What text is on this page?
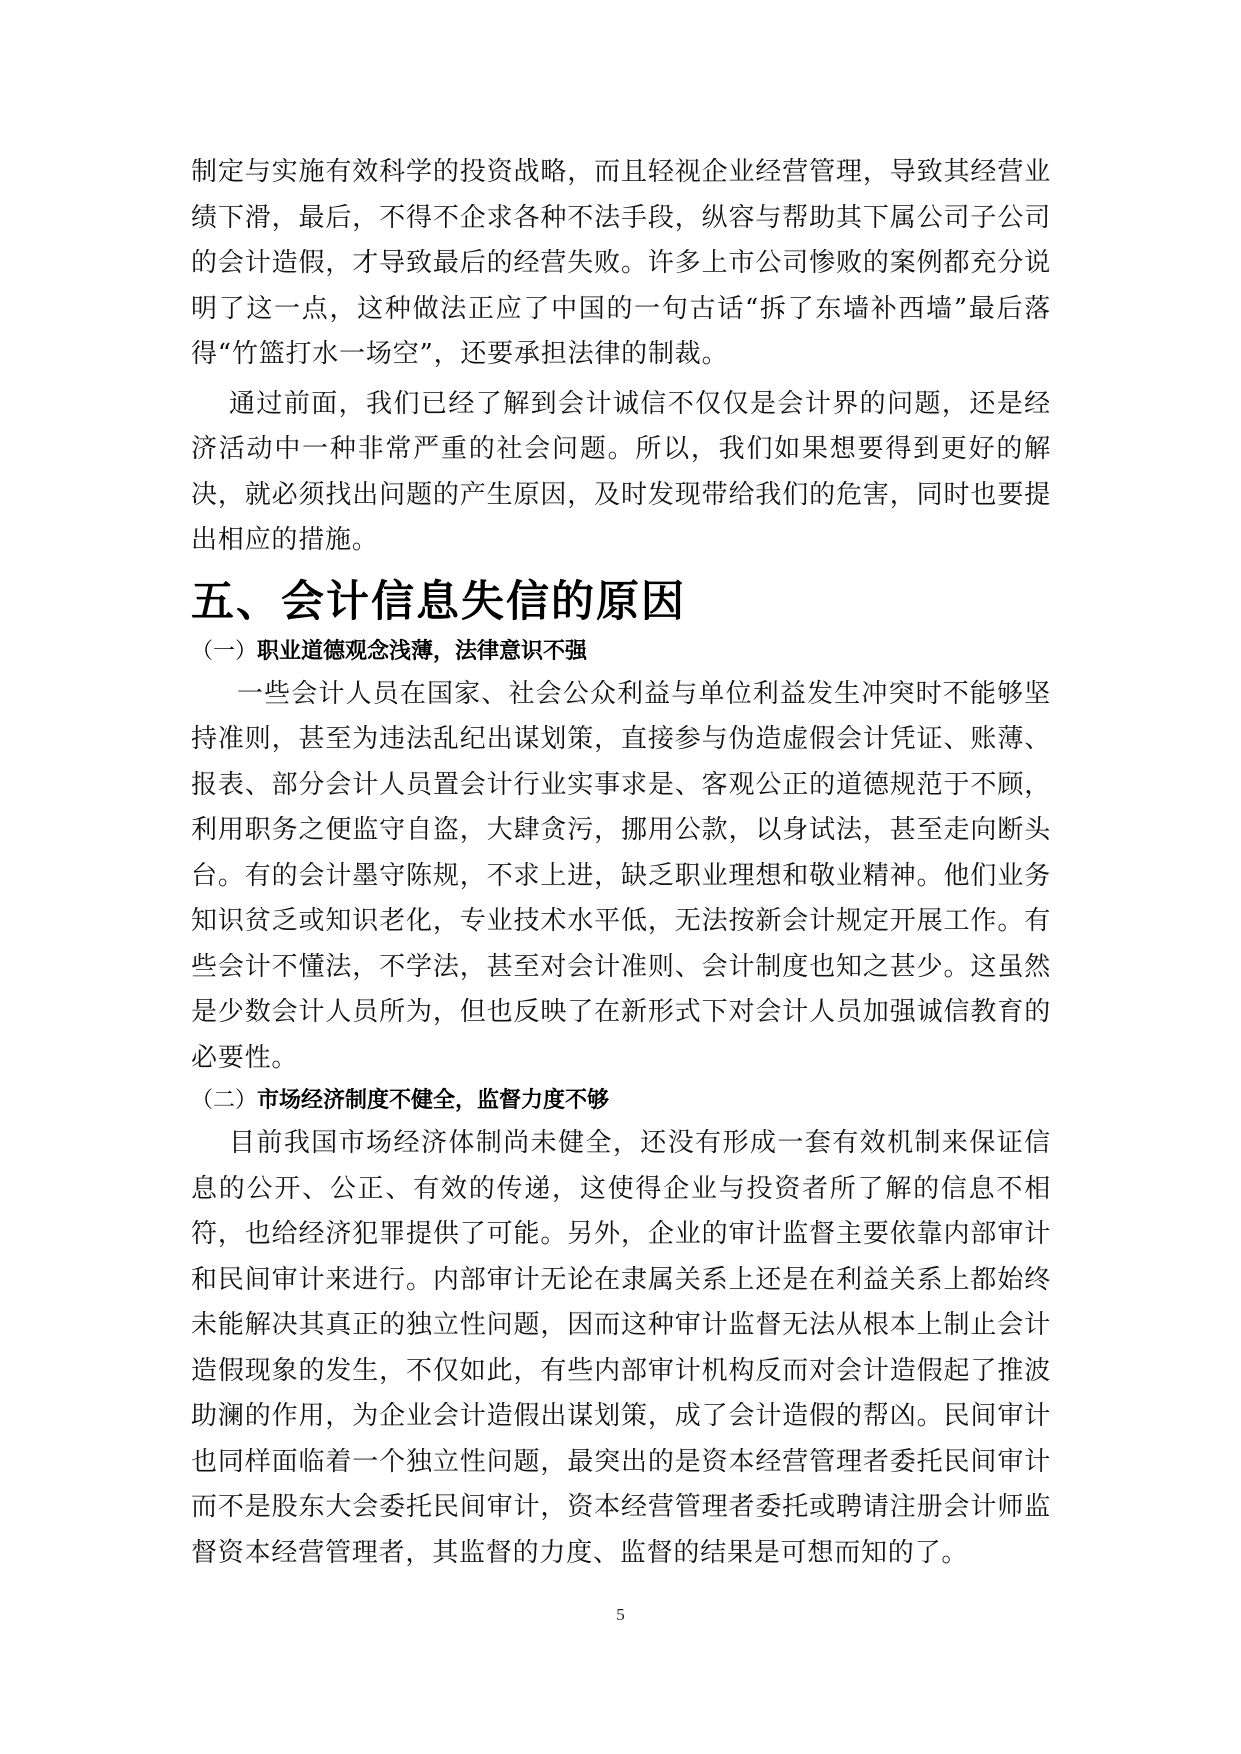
制定与实施有效科学的投资战略，而且轻视企业经营管理，导致其经营业绩下滑，最后，不得不企求各种不法手段，纵容与帮助其下属公司子公司的会计造假，才导致最后的经营失败。许多上市公司惨败的案例都充分说明了这一点，这种做法正应了中国的一句古话“拆了东墙补西墙”最后落得“竹篮打水一场空”，还要承担法律的制裁。

通过前面，我们已经了解到会计诚信不仅仅是会计界的问题，还是经济活动中一种非常严重的社会问题。所以，我们如果想要得到更好的解决，就必须找出问题的产生原因，及时发现带给我们的危害，同时也要提出相应的措施。

五、会计信息失信的原因
（一）职业道德观念浅薄，法律意识不强

一些会计人员在国家、社会公众利益与单位利益发生冲突时不能够坚持准则，甚至为违法乱纪出谋划策，直接参与伪造虚假会计凭证、账薄、报表、部分会计人员置会计行业实事求是、客观公正的道德规范于不顾，利用职务之便监守自盗，大肆贪污，挪用公款，以身试法，甚至走向断头台。有的会计墨守陈规，不求上进，缺乏职业理想和敬业精神。他们业务知识贫乏或知识老化，专业技术水平低，无法按新会计规定开展工作。有些会计不懂法，不学法，甚至对会计准则、会计制度也知之甚少。这虽然是少数会计人员所为，但也反映了在新形式下对会计人员加强诚信教育的必要性。

（二）市场经济制度不健全，监督力度不够

目前我国市场经济体制尚未健全，还没有形成一套有效机制来保证信息的公开、公正、有效的传递，这使得企业与投资者所了解的信息不相符，也给经济犯罪提供了可能。另外，企业的审计监督主要依靠内部审计和民间审计来进行。内部审计无论在隶属关系上还是在利益关系上都始终未能解决其真正的独立性问题，因而这种审计监督无法从根本上制止会计造假现象的发生，不仅如此，有些内部审计机构反而对会计造假起了推波助澜的作用，为企业会计造假出谋划策，成了会计造假的帮凶。民间审计也同样面临着一个独立性问题，最突出的是资本经营管理者委托民间审计而不是股东大会委托民间审计，资本经营管理者委托或聘请注册会计师监督资本经营管理者，其监督的力度、监督的结果是可想而知的了。

5
